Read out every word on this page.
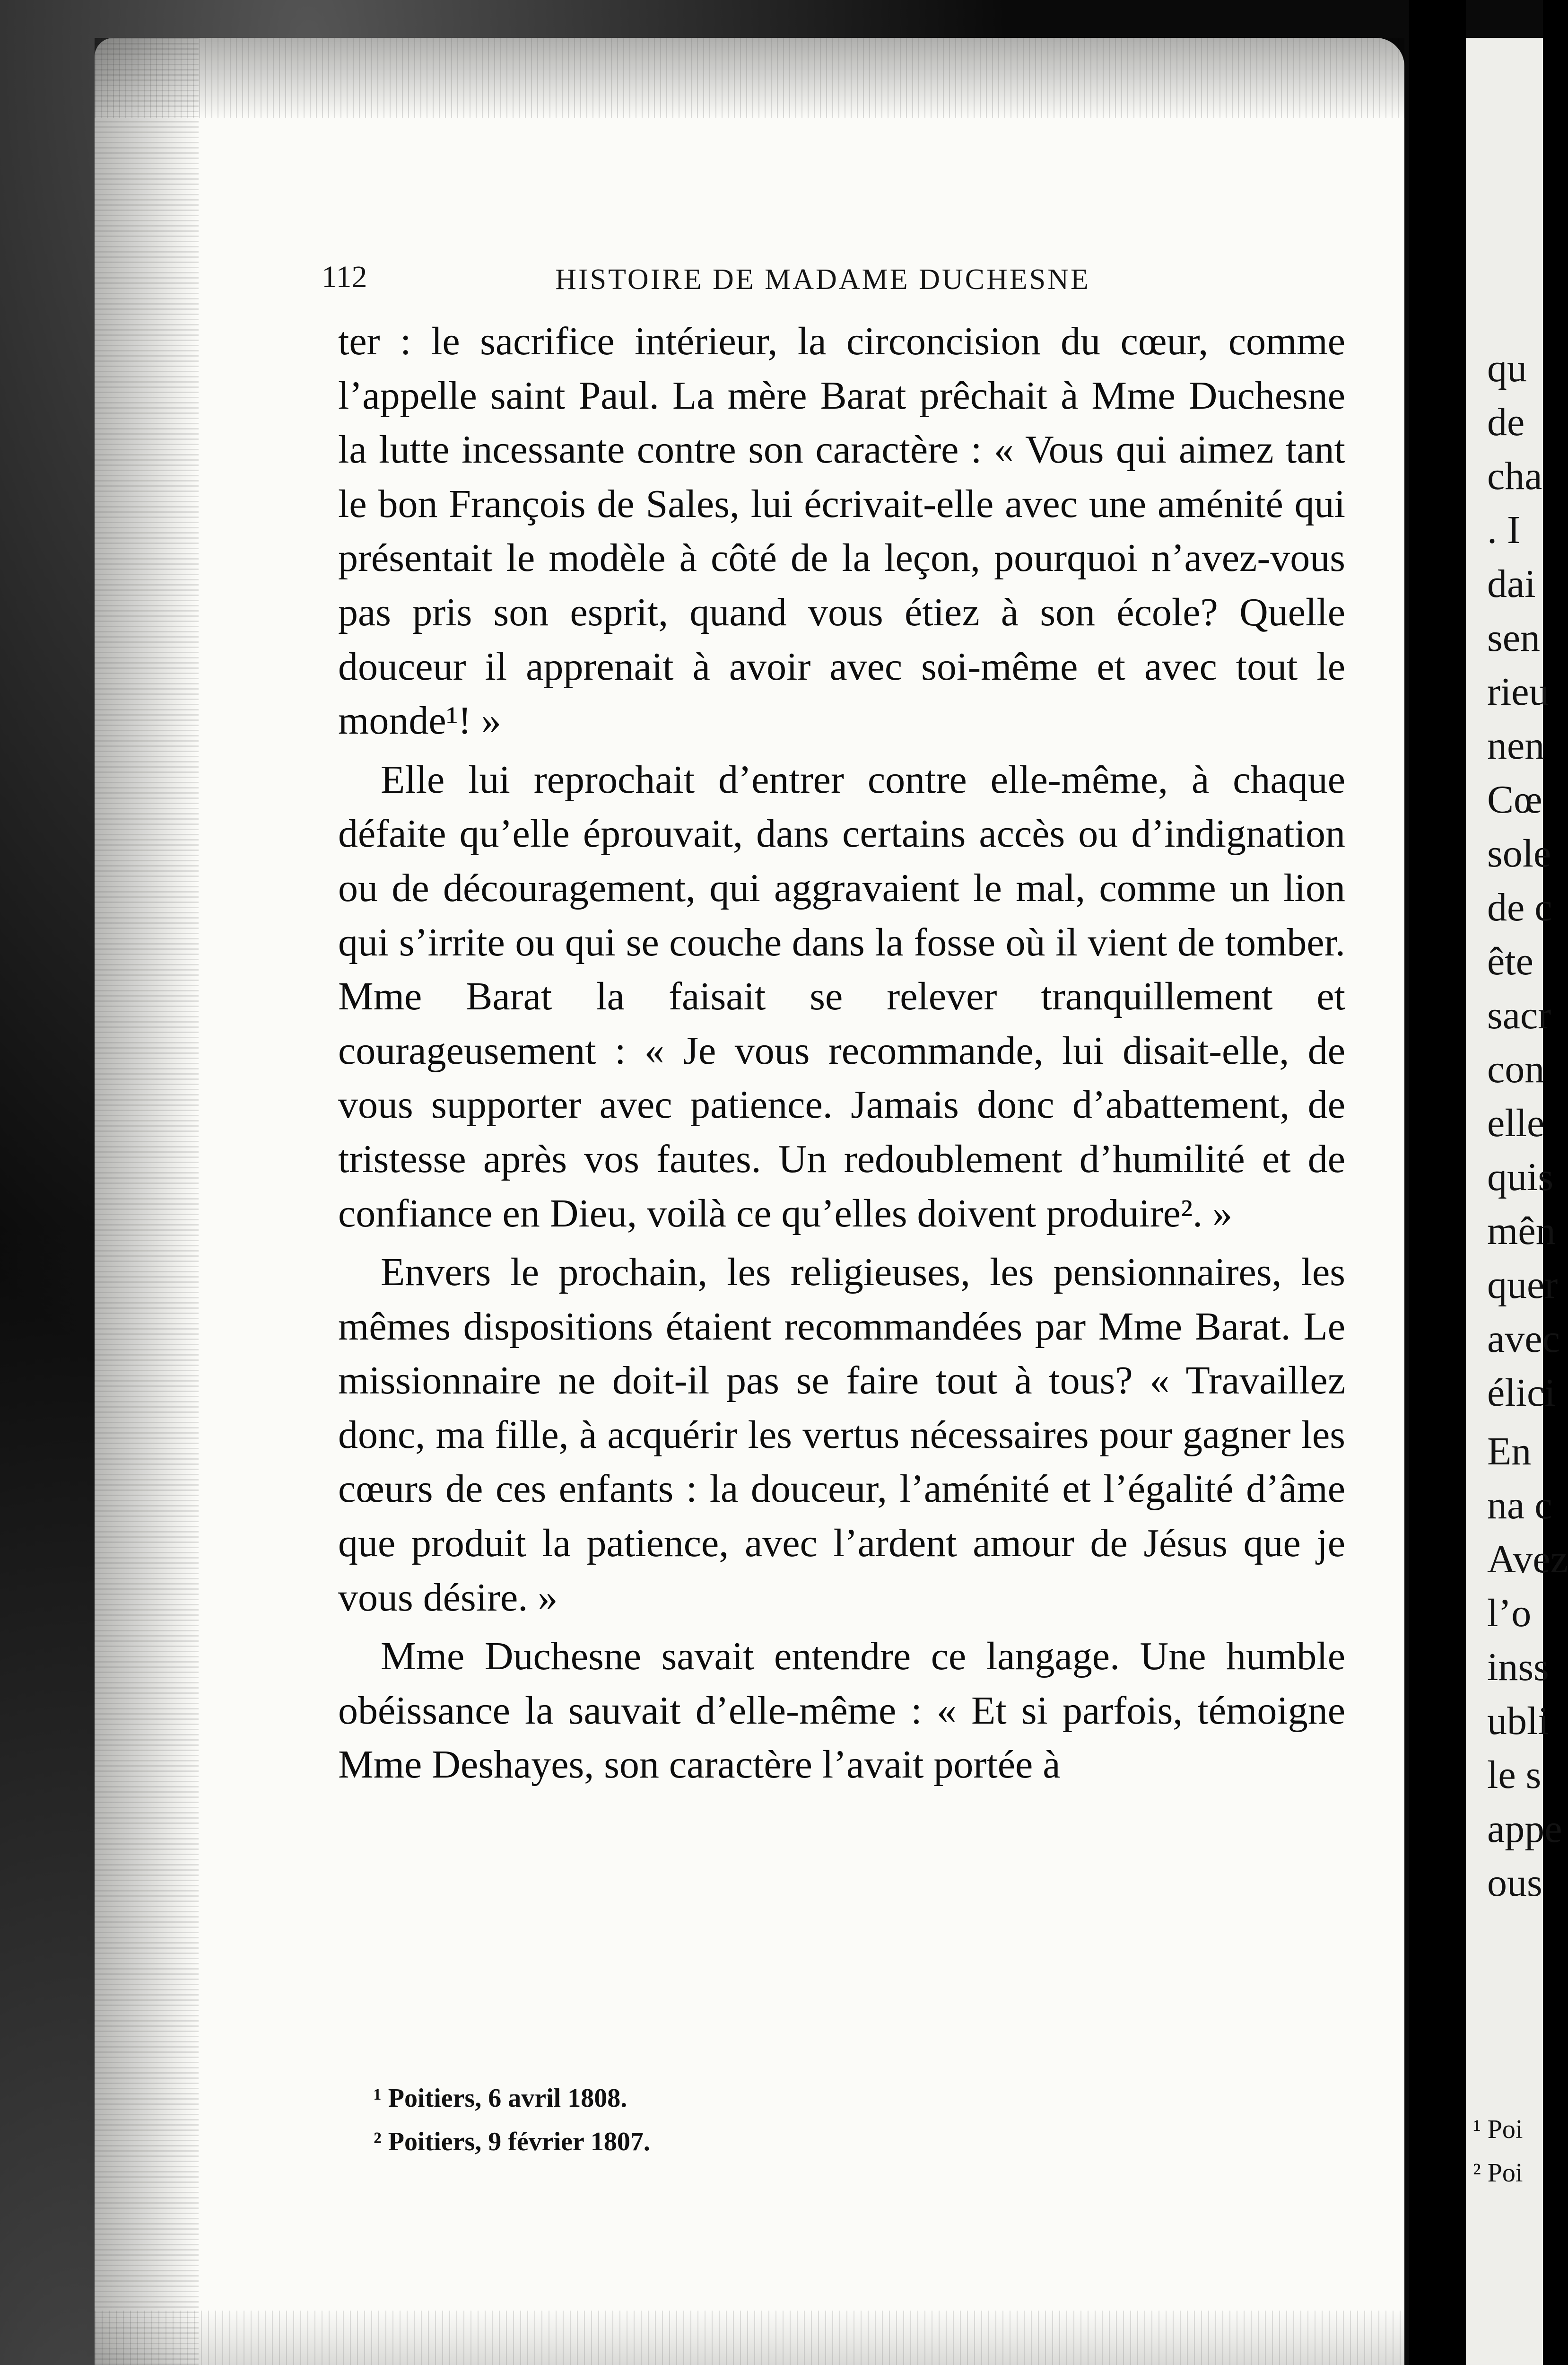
112	HISTOIRE DE MADAME DUCHESNE

ter : le sacrifice intérieur, la circoncision du cœur, comme l’appelle saint Paul. La mère Barat prêchait à Mme Duchesne la lutte incessante contre son caractère : « Vous qui aimez tant le bon François de Sales, lui écrivait-elle avec une aménité qui présentait le modèle à côté de la leçon, pourquoi n’avez-vous pas pris son esprit, quand vous étiez à son école? Quelle douceur il apprenait à avoir avec soi-même et avec tout le monde¹! »

Elle lui reprochait d’entrer contre elle-même, à chaque défaite qu’elle éprouvait, dans certains accès ou d’indignation ou de découragement, qui aggravaient le mal, comme un lion qui s’irrite ou qui se couche dans la fosse où il vient de tomber. Mme Barat la faisait se relever tranquillement et courageusement : « Je vous recommande, lui disait-elle, de vous supporter avec patience. Jamais donc d’abattement, de tristesse après vos fautes. Un redoublement d’humilité et de confiance en Dieu, voilà ce qu’elles doivent produire². »

Envers le prochain, les religieuses, les pensionnaires, les mêmes dispositions étaient recommandées par Mme Barat. Le missionnaire ne doit-il pas se faire tout à tous? « Travaillez donc, ma fille, à acquérir les vertus nécessaires pour gagner les cœurs de ces enfants : la douceur, l’aménité et l’égalité d’âme que produit la patience, avec l’ardent amour de Jésus que je vous désire. »

Mme Duchesne savait entendre ce langage. Une humble obéissance la sauvait d’elle-même : « Et si parfois, témoigne Mme Deshayes, son caractère l’avait portée à

¹ Poitiers, 6 avril 1808.
² Poitiers, 9 février 1807.
qu
de
cha
. I
dai
sen
rieu
nen
Cœ
sole
de c
ête
sacr
con
elle
quis
mên
quer
avec
élici
En
na c
Avez
l’o
inss
ubli
le s
appe
ous
¹ Poi
² Poi
